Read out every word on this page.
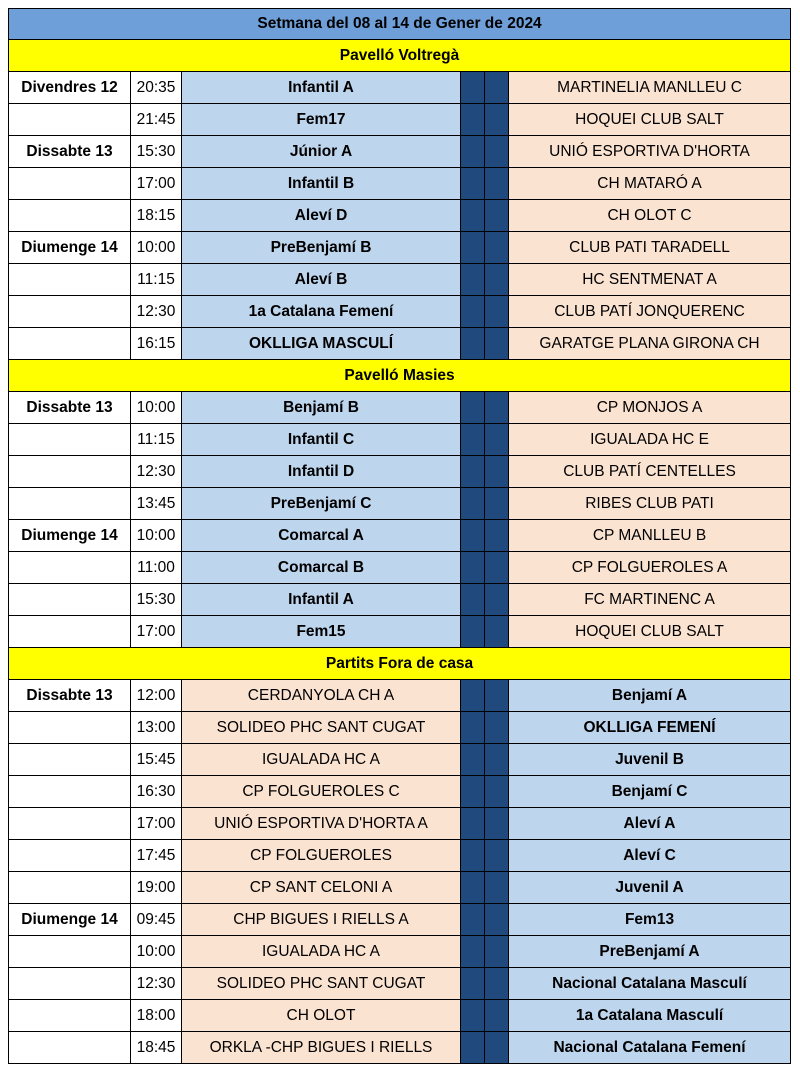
Setmana del 08 al 14 de Gener de 2024					
Pavelló Voltregà					
Divendres 12	20:35	Infantil A			MARTINELIA MANLLEU C
	21:45	Fem17			HOQUEI CLUB SALT
Dissabte 13	15:30	Júnior A			UNIÓ ESPORTIVA D'HORTA
	17:00	Infantil B			CH MATARÓ A
	18:15	Aleví D			CH OLOT C
Diumenge 14	10:00	PreBenjamí B			CLUB PATI TARADELL
	11:15	Aleví B			HC SENTMENAT A
	12:30	1a Catalana Femení			CLUB PATÍ JONQUERENC
	16:15	OKLLIGA MASCULÍ			GARATGE PLANA GIRONA CH
Pavelló Masies					
Dissabte 13	10:00	Benjamí B			CP MONJOS A
	11:15	Infantil C			IGUALADA HC E
	12:30	Infantil D			CLUB PATÍ CENTELLES
	13:45	PreBenjamí C			RIBES CLUB PATI
Diumenge 14	10:00	Comarcal A			CP MANLLEU B
	11:00	Comarcal B			CP FOLGUEROLES A
	15:30	Infantil A			FC MARTINENC A
	17:00	Fem15			HOQUEI CLUB SALT
Partits Fora de casa					
Dissabte 13	12:00	CERDANYOLA CH A			Benjamí A
	13:00	SOLIDEO PHC SANT CUGAT			OKLLIGA FEMENÍ
	15:45	IGUALADA HC A			Juvenil B
	16:30	CP FOLGUEROLES C			Benjamí C
	17:00	UNIÓ ESPORTIVA D'HORTA A			Aleví A
	17:45	CP FOLGUEROLES			Aleví C
	19:00	CP SANT CELONI A			Juvenil A
Diumenge 14	09:45	CHP BIGUES I RIELLS A			Fem13
	10:00	IGUALADA HC A			PreBenjamí A
	12:30	SOLIDEO PHC SANT CUGAT			Nacional Catalana Masculí
	18:00	CH OLOT			1a Catalana Masculí
	18:45	ORKLA -CHP BIGUES I RIELLS			Nacional Catalana Femení
